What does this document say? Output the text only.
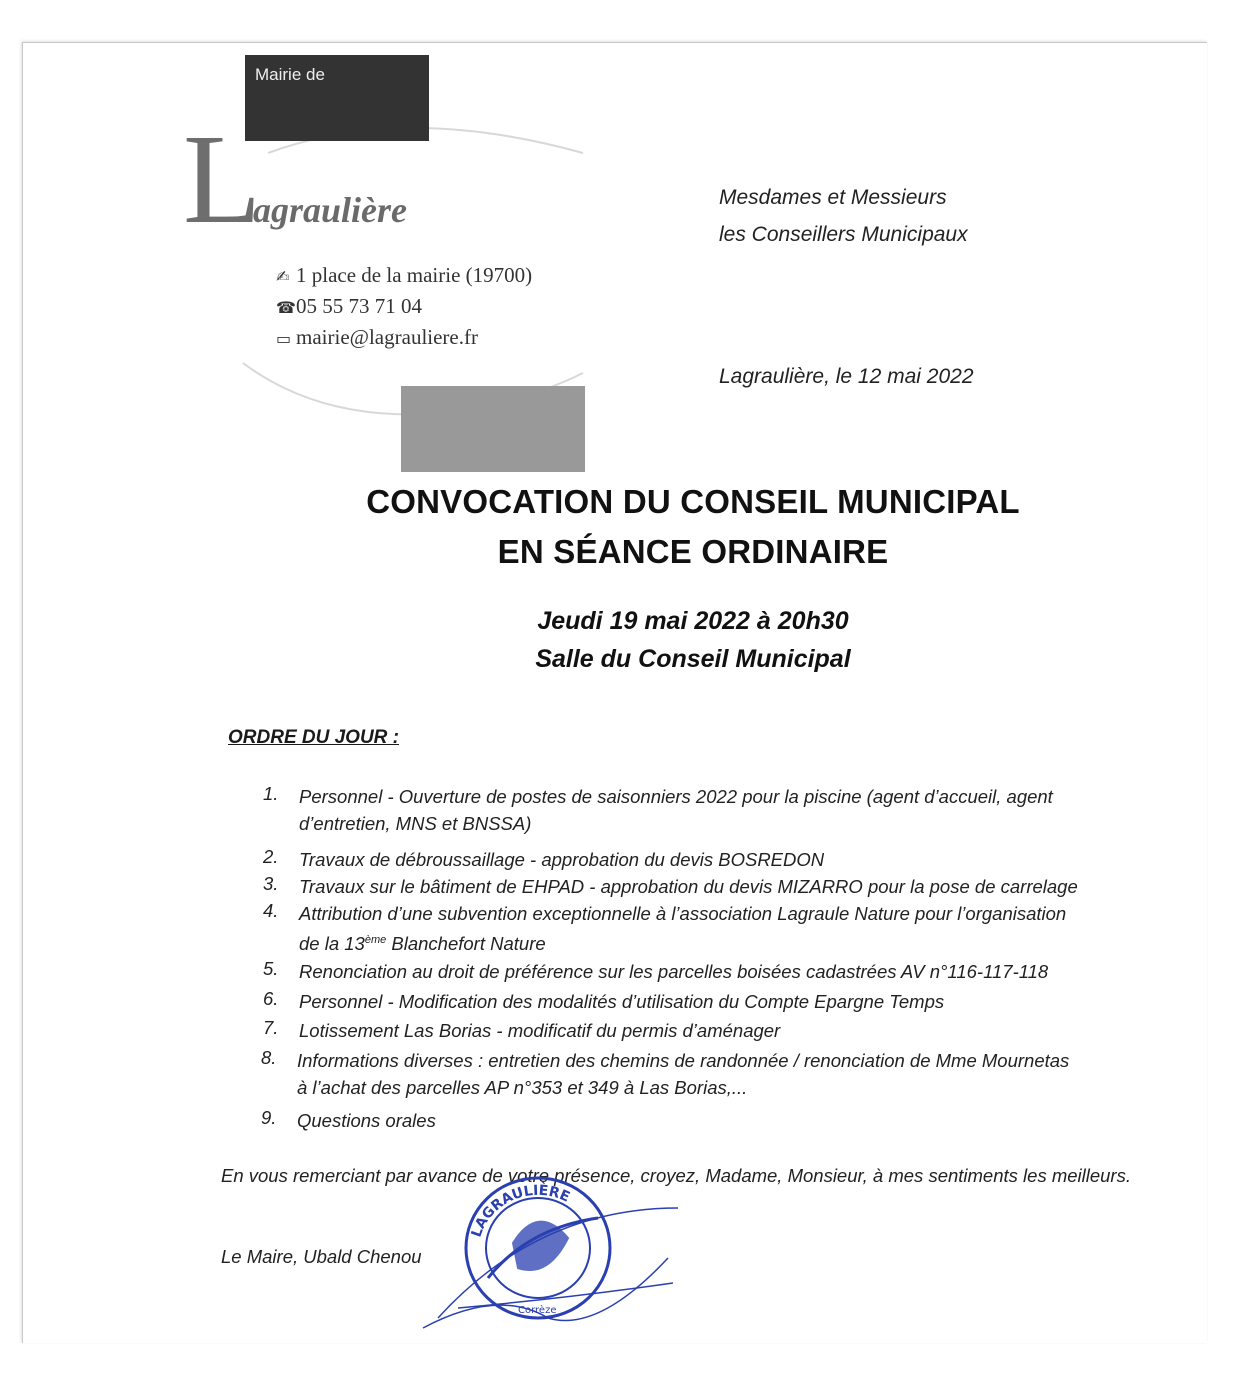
Mairie de
L
agraulière
✍ 1 place de la mairie (19700)
☎05 55 73 71 04
▭ mairie@lagrauliere.fr
Mesdames et Messieurs
les Conseillers Municipaux
Lagraulière, le 12 mai 2022
CONVOCATION DU CONSEIL MUNICIPAL
EN SÉANCE ORDINAIRE
Jeudi 19 mai 2022 à 20h30
Salle du Conseil Municipal
ORDRE DU JOUR :
1. Personnel - Ouverture de postes de saisonniers 2022 pour la piscine (agent d’accueil, agent
d’entretien, MNS et BNSSA)
2. Travaux de débroussaillage - approbation du devis BOSREDON
3. Travaux sur le bâtiment de EHPAD - approbation du devis MIZARRO pour la pose de carrelage
4. Attribution d’une subvention exceptionnelle à l’association Lagraule Nature pour l’organisation
de la 13ème Blanchefort Nature
5. Renonciation au droit de préférence sur les parcelles boisées cadastrées AV n°116-117-118
6. Personnel - Modification des modalités d’utilisation du Compte Epargne Temps
7. Lotissement Las Borias - modificatif du permis d’aménager
8. Informations diverses : entretien des chemins de randonnée / renonciation de Mme Mournetas
à l’achat des parcelles AP n°353 et 349 à Las Borias,...
9. Questions orales
En vous remerciant par avance de votre présence, croyez, Madame, Monsieur, à mes sentiments les meilleurs.
Le Maire, Ubald Chenou
LAGRAULIÈRE
Corrèze
